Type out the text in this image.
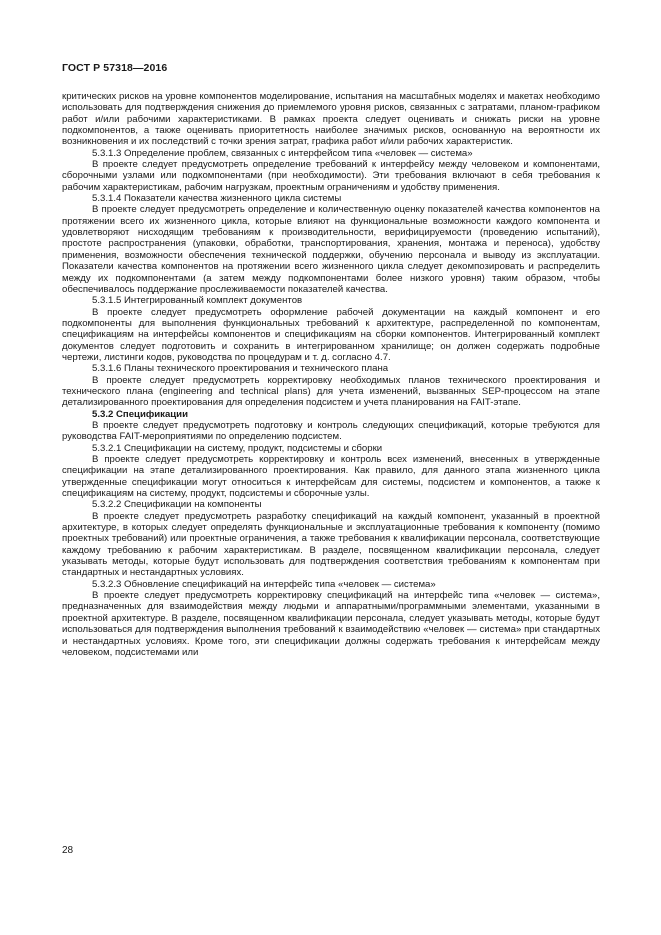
ГОСТ Р 57318—2016

критических рисков на уровне компонентов моделирование, испытания на масштабных моделях и макетах необходимо использовать для подтверждения снижения до приемлемого уровня рисков, связанных с затратами, планом-графиком работ и/или рабочими характеристиками. В рамках проекта следует оценивать и снижать риски на уровне подкомпонентов, а также оценивать приоритетность наиболее значимых рисков, основанную на вероятности их возникновения и их последствий с точки зрения затрат, графика работ и/или рабочих характеристик.

5.3.1.3 Определение проблем, связанных с интерфейсом типа «человек — система»

В проекте следует предусмотреть определение требований к интерфейсу между человеком и компонентами, сборочными узлами или подкомпонентами (при необходимости). Эти требования включают в себя требования к рабочим характеристикам, рабочим нагрузкам, проектным ограничениям и удобству применения.

5.3.1.4 Показатели качества жизненного цикла системы

В проекте следует предусмотреть определение и количественную оценку показателей качества компонентов на протяжении всего их жизненного цикла, которые влияют на функциональные возможности каждого компонента и удовлетворяют нисходящим требованиям к производительности, верифицируемости (проведению испытаний), простоте распространения (упаковки, обработки, транспортирования, хранения, монтажа и переноса), удобству применения, возможности обеспечения технической поддержки, обучению персонала и выводу из эксплуатации. Показатели качества компонентов на протяжении всего жизненного цикла следует декомпозировать и распределить между их подкомпонентами (а затем между подкомпонентами более низкого уровня) таким образом, чтобы обеспечивалось поддержание прослеживаемости показателей качества.

5.3.1.5 Интегрированный комплект документов

В проекте следует предусмотреть оформление рабочей документации на каждый компонент и его подкомпоненты для выполнения функциональных требований к архитектуре, распределенной по компонентам, спецификациям на интерфейсы компонентов и спецификациям на сборки компонентов. Интегрированный комплект документов следует подготовить и сохранить в интегрированном хранилище; он должен содержать подробные чертежи, листинги кодов, руководства по процедурам и т. д. согласно 4.7.

5.3.1.6 Планы технического проектирования и технического плана

В проекте следует предусмотреть корректировку необходимых планов технического проектирования и технического плана (engineering and technical plans) для учета изменений, вызванных SEP-процессом на этапе детализированного проектирования для определения подсистем и учета планирования на FAIT-этапе.

5.3.2 Спецификации

В проекте следует предусмотреть подготовку и контроль следующих спецификаций, которые требуются для руководства FAIT-мероприятиями по определению подсистем.

5.3.2.1 Спецификации на систему, продукт, подсистемы и сборки

В проекте следует предусмотреть корректировку и контроль всех изменений, внесенных в утвержденные спецификации на этапе детализированного проектирования. Как правило, для данного этапа жизненного цикла утвержденные спецификации могут относиться к интерфейсам для системы, подсистем и компонентов, а также к спецификациям на систему, продукт, подсистемы и сборочные узлы.

5.3.2.2 Спецификации на компоненты

В проекте следует предусмотреть разработку спецификаций на каждый компонент, указанный в проектной архитектуре, в которых следует определять функциональные и эксплуатационные требования к компоненту (помимо проектных требований) или проектные ограничения, а также требования к квалификации персонала, соответствующие каждому требованию к рабочим характеристикам. В разделе, посвященном квалификации персонала, следует указывать методы, которые будут использовать для подтверждения соответствия требованиям к компонентам при стандартных и нестандартных условиях.

5.3.2.3 Обновление спецификаций на интерфейс типа «человек — система»

В проекте следует предусмотреть корректировку спецификаций на интерфейс типа «человек — система», предназначенных для взаимодействия между людьми и аппаратными/программными элементами, указанными в проектной архитектуре. В разделе, посвященном квалификации персонала, следует указывать методы, которые будут использоваться для подтверждения выполнения требований к взаимодействию «человек — система» при стандартных и нестандартных условиях. Кроме того, эти спецификации должны содержать требования к интерфейсам между человеком, подсистемами или

28
